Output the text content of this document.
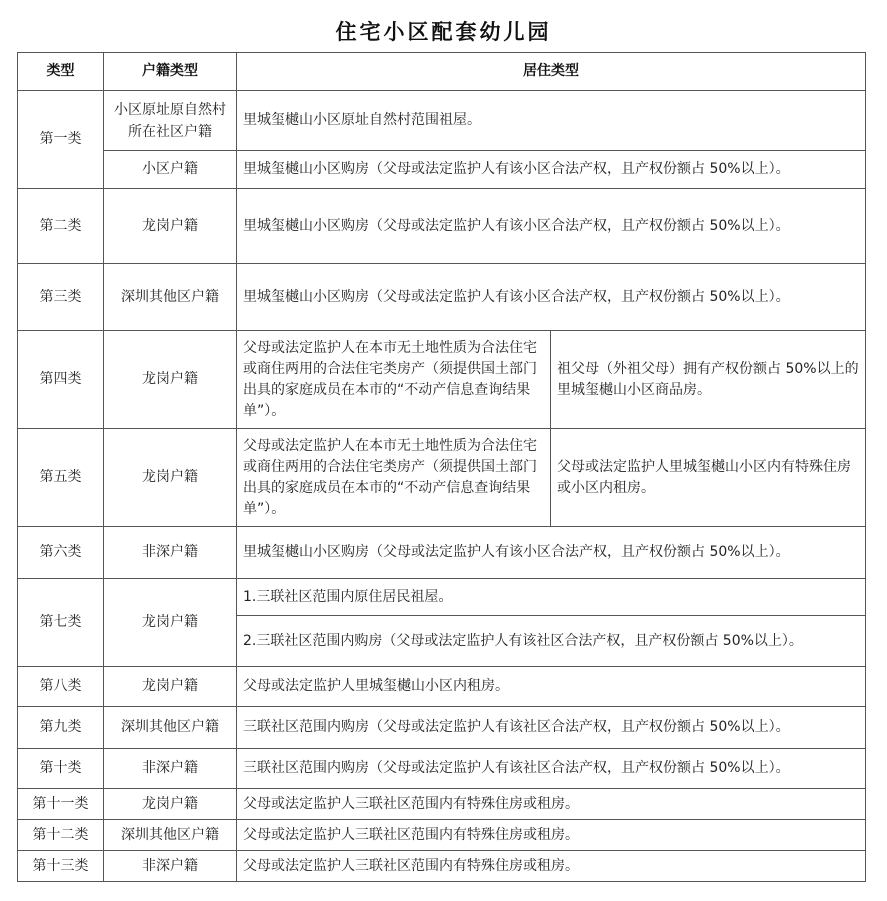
住宅小区配套幼儿园
类型	户籍类型	居住类型	
第一类	小区原址原自然村所在社区户籍	里城玺樾山小区原址自然村范围祖屋。	
	小区户籍	里城玺樾山小区购房（父母或法定监护人有该小区合法产权，且产权份额占 50%以上）。	
第二类	龙岗户籍	里城玺樾山小区购房（父母或法定监护人有该小区合法产权，且产权份额占 50%以上）。	
第三类	深圳其他区户籍	里城玺樾山小区购房（父母或法定监护人有该小区合法产权，且产权份额占 50%以上）。	
第四类	龙岗户籍	父母或法定监护人在本市无土地性质为合法住宅或商住两用的合法住宅类房产（须提供国土部门出具的家庭成员在本市的“不动产信息查询结果单”）。	祖父母（外祖父母）拥有产权份额占 50%以上的里城玺樾山小区商品房。
第五类	龙岗户籍	父母或法定监护人在本市无土地性质为合法住宅或商住两用的合法住宅类房产（须提供国土部门出具的家庭成员在本市的“不动产信息查询结果单”）。	父母或法定监护人里城玺樾山小区内有特殊住房或小区内租房。
第六类	非深户籍	里城玺樾山小区购房（父母或法定监护人有该小区合法产权，且产权份额占 50%以上）。	
第七类	龙岗户籍	1.三联社区范围内原住居民祖屋。	
		2.三联社区范围内购房（父母或法定监护人有该社区合法产权，且产权份额占 50%以上）。	
第八类	龙岗户籍	父母或法定监护人里城玺樾山小区内租房。	
第九类	深圳其他区户籍	三联社区范围内购房（父母或法定监护人有该社区合法产权，且产权份额占 50%以上）。	
第十类	非深户籍	三联社区范围内购房（父母或法定监护人有该社区合法产权，且产权份额占 50%以上）。	
第十一类	龙岗户籍	父母或法定监护人三联社区范围内有特殊住房或租房。	
第十二类	深圳其他区户籍	父母或法定监护人三联社区范围内有特殊住房或租房。	
第十三类	非深户籍	父母或法定监护人三联社区范围内有特殊住房或租房。	
